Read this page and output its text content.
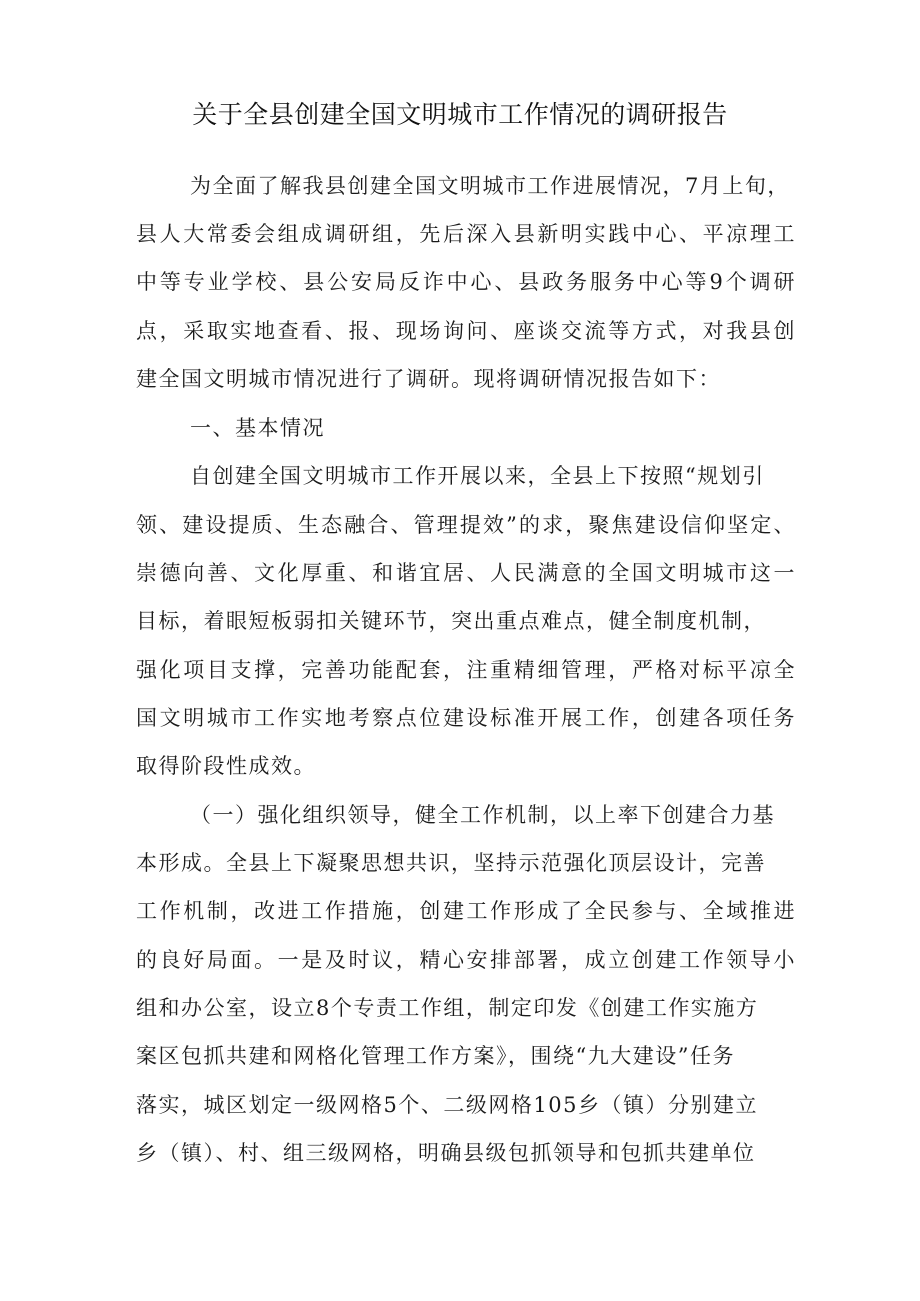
关于全县创建全国文明城市工作情况的调研报告
为全面了解我县创建全国文明城市工作进展情况，7月上旬，
县人大常委会组成调研组，先后深入县新明实践中心、平凉理工
中等专业学校、县公安局反诈中心、县政务服务中心等9个调研
点，采取实地查看、报、现场询问、座谈交流等方式，对我县创
建全国文明城市情况进行了调研。现将调研情况报告如下：
一、基本情况
自创建全国文明城市工作开展以来，全县上下按照“规划引
领、建设提质、生态融合、管理提效”的求，聚焦建设信仰坚定、
崇德向善、文化厚重、和谐宜居、人民满意的全国文明城市这一
目标，着眼短板弱扣关键环节，突出重点难点，健全制度机制，
强化项目支撑，完善功能配套，注重精细管理，严格对标平凉全
国文明城市工作实地考察点位建设标准开展工作，创建各项任务
取得阶段性成效。
（一）强化组织领导，健全工作机制，以上率下创建合力基
本形成。全县上下凝聚思想共识，坚持示范强化顶层设计，完善
工作机制，改进工作措施，创建工作形成了全民参与、全域推进
的良好局面。一是及时议，精心安排部署，成立创建工作领导小
组和办公室，设立8个专责工作组，制定印发《创建工作实施方
案区包抓共建和网格化管理工作方案》，围绕“九大建设”任务
落实，城区划定一级网格5个、二级网格105乡（镇）分别建立
乡（镇）、村、组三级网格，明确县级包抓领导和包抓共建单位
